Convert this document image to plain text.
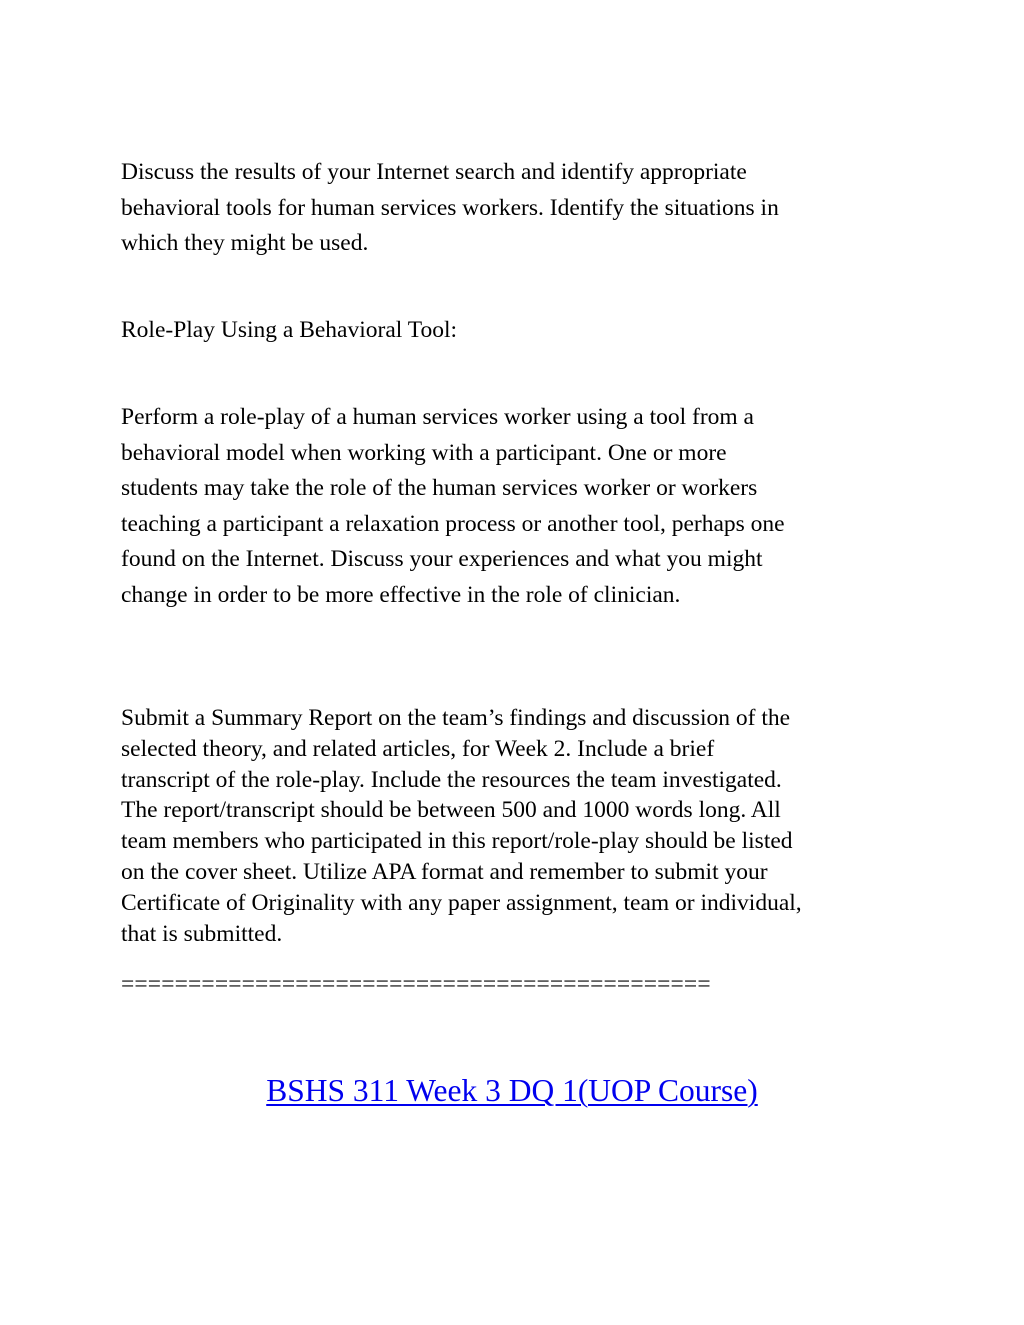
Discuss the results of your Internet search and identify appropriate
behavioral tools for human services workers. Identify the situations in
which they might be used.

Role-Play Using a Behavioral Tool:

Perform a role-play of a human services worker using a tool from a
behavioral model when working with a participant. One or more
students may take the role of the human services worker or workers
teaching a participant a relaxation process or another tool, perhaps one
found on the Internet. Discuss your experiences and what you might
change in order to be more effective in the role of clinician.

Submit a Summary Report on the team’s findings and discussion of the
selected theory, and related articles, for Week 2. Include a brief
transcript of the role-play. Include the resources the team investigated.
The report/transcript should be between 500 and 1000 words long. All
team members who participated in this report/role-play should be listed
on the cover sheet. Utilize APA format and remember to submit your
Certificate of Originality with any paper assignment, team or individual,
that is submitted.

============================================
BSHS 311 Week 3 DQ 1(UOP Course)
